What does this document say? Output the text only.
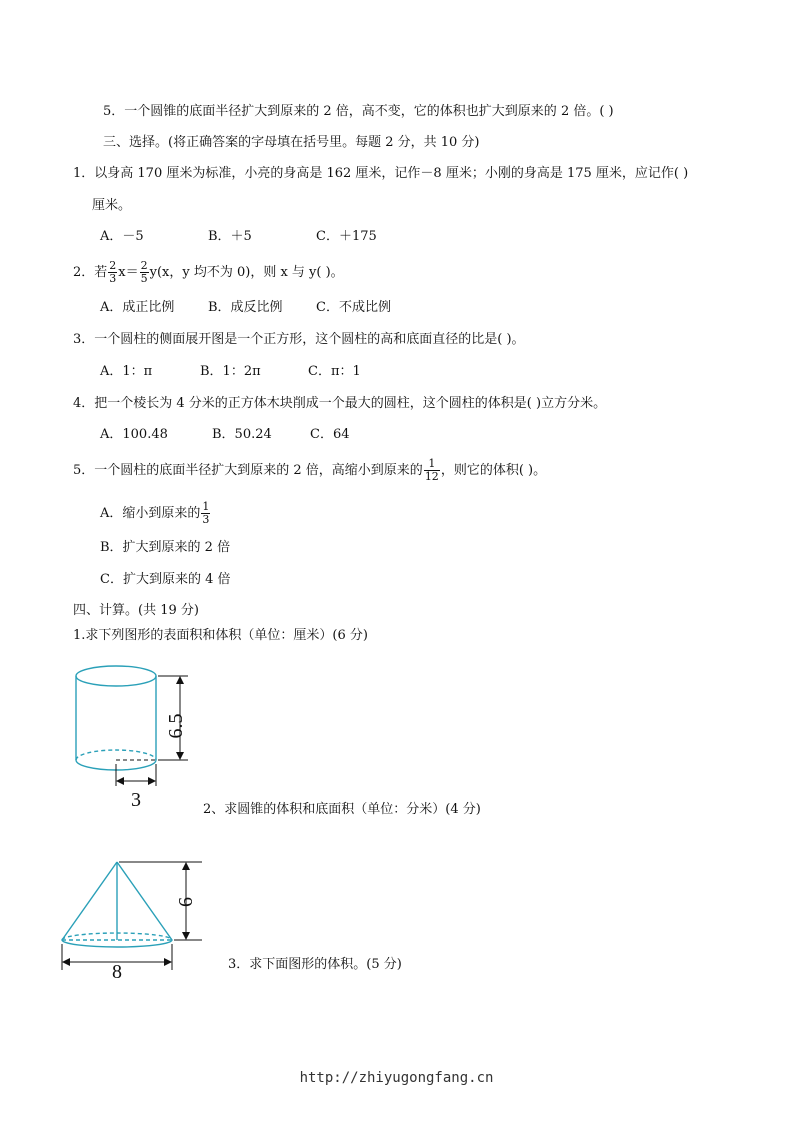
5．一个圆锥的底面半径扩大到原来的 2 倍，高不变，它的体积也扩大到原来的 2 倍。( )
三、选择。(将正确答案的字母填在括号里。每题 2 分，共 10 分)
1．以身高 170 厘米为标准，小亮的身高是 162 厘米，记作－8 厘米；小刚的身高是 175 厘米，应记作( )
厘米。
A．－5	B．＋5	C．＋175
2．若 $\frac{2}{3} x= \frac{2}{5} y(x$，y 均不为 0)，则 x 与 y( )。
A．成正比例	B．成反比例	C．不成比例
3．一个圆柱的侧面展开图是一个正方形，这个圆柱的高和底面直径的比是( )。
A．1：π	B．1：2π	C．π：1
4．把一个棱长为 4 分米的正方体木块削成一个最大的圆柱，这个圆柱的体积是( )立方分米。
A．100.48	B．50.24	C．64
5．一个圆柱的底面半径扩大到原来的 2 倍，高缩小到原来的 $\frac{1}{12}$ ，则它的体积( )。
A．缩小到原来的 $\frac{1}{3}$
B．扩大到原来的 2 倍
C．扩大到原来的 4 倍
四、计算。(共 19 分)
1.求下列图形的表面积和体积（单位：厘米）(6 分)
6.5
3	2、求圆锥的体积和底面积（单位：分米）(4 分)
6
8	3．求下面图形的体积。(5 分)
http://zhiyugongfang.cn
